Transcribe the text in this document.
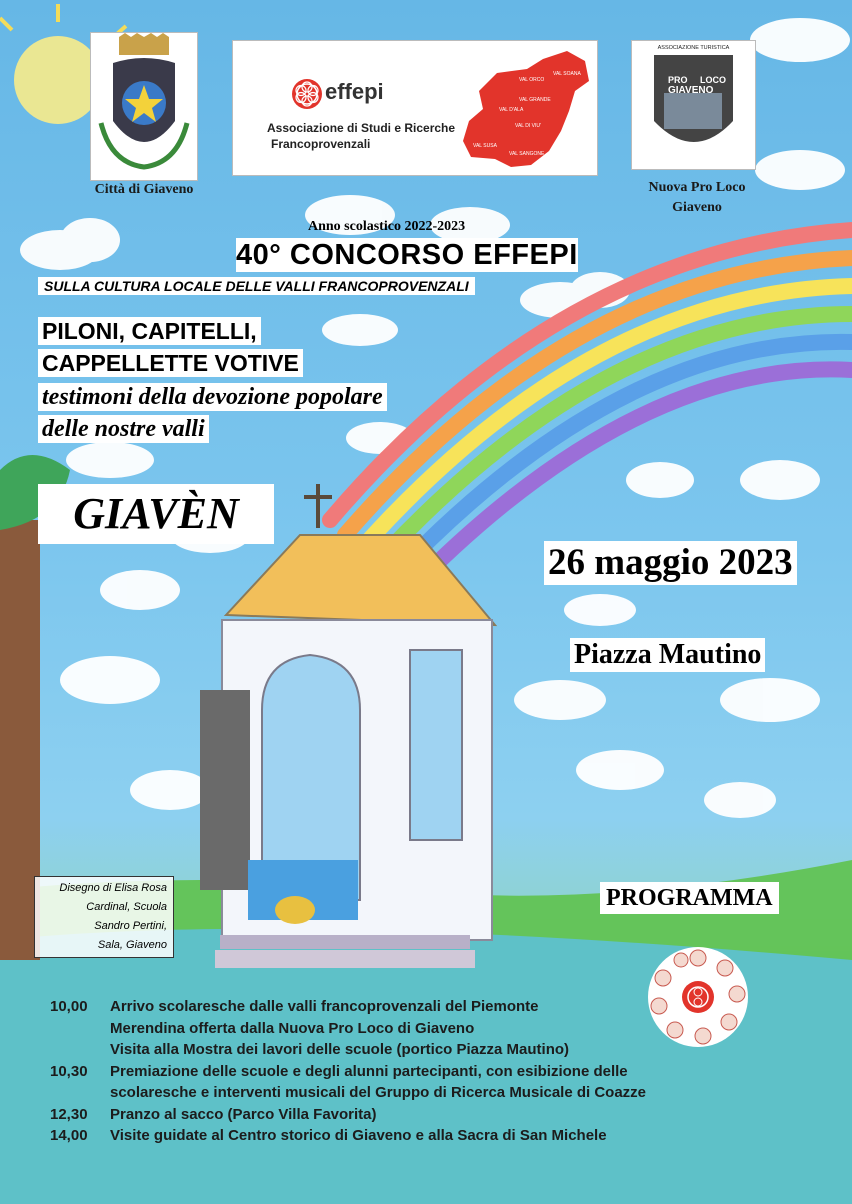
Città di Giaveno
effepi
Associazione di Studi e Ricerche
Francoprovenzali
VAL SOANA
VAL ORCO
VAL GRANDE
VAL D'ALA
VAL DI VIU'
VAL SUSA
VAL SANGONE
ASSOCIAZIONE TURISTICA
PRO LOCO
GIAVENO
Nuova Pro Loco
Giaveno
Anno scolastico 2022-2023
40° CONCORSO EFFEPI
SULLA CULTURA LOCALE DELLE VALLI FRANCOPROVENZALI
PILONI, CAPITELLI,
CAPPELLETTE VOTIVE
testimoni della devozione popolare
delle nostre valli
GIAVÈN
26 maggio 2023
Piazza Mautino
Disegno di Elisa Rosa
Cardinal, Scuola
Sandro Pertini,
Sala, Giaveno
PROGRAMMA
10,00	Arrivo scolaresche dalle valli francoprovenzali del Piemonte
Merendina offerta dalla Nuova Pro Loco di Giaveno
Visita alla Mostra dei lavori delle scuole (portico Piazza Mautino)
10,30	Premiazione delle scuole e degli alunni partecipanti, con esibizione delle
scolaresche e interventi musicali del Gruppo di Ricerca Musicale di Coazze
12,30	Pranzo al sacco (Parco Villa Favorita)
14,00	Visite guidate al Centro storico di Giaveno e alla Sacra di San Michele
